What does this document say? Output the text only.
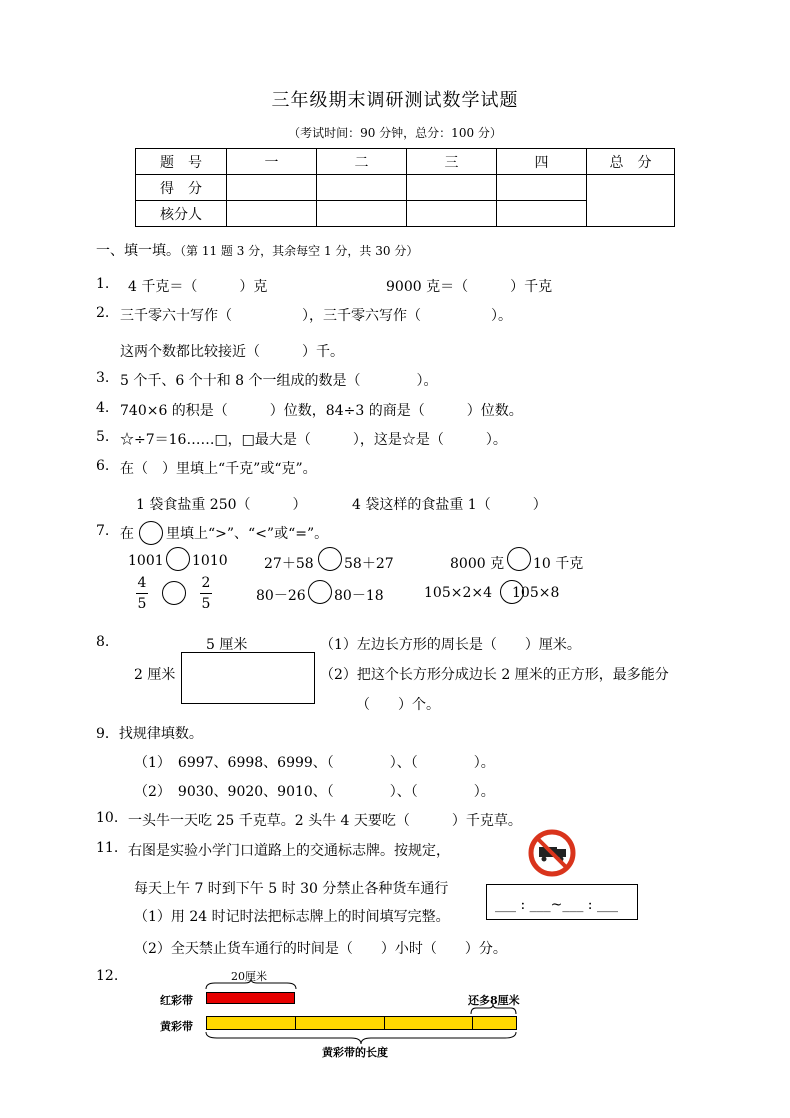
三年级期末调研测试数学试题
（考试时间：90 分钟，总分：100 分）
题　号	一	二	三	四	总　分
得　分					
核分人					
一、填一填。（第 11 题 3 分，其余每空 1 分，共 30 分）
1. 4 千克＝（　　　）克	9000 克＝（　　　）千克
2. 三千零六十写作（　　　　　），三千零六写作（　　　　　）。
这两个数都比较接近（　　　）千。
3. 5 个千、6 个十和 8 个一组成的数是（　　　　）。
4. 740×6 的积是（　　　）位数，84÷3 的商是（　　　）位数。
5. ☆÷7＝16……□，□最大是（　　　），这是☆是（　　　）。
6. 在（　）里填上“千克”或“克”。
1 袋食盐重 250（　　　）	4 袋这样的食盐重 1（　　　）
7. 在 里填上“>”、“<”或“=”。
1001 1010	27＋58 58＋27	8000 克 10 千克
4
5
2
5	80－26 80－18	105×2×4 105×8
8.	5 厘米
2 厘米
（1）左边长方形的周长是（　　）厘米。
（2）把这个长方形分成边长 2 厘米的正方形，最多能分
（　　）个。
9．找规律填数。
（1）　6997、6998、6999、（　　　　）、（　　　　）。
（2）　9030、9020、9010、（　　　　）、（　　　　）。
10. 一头牛一天吃 25 千克草。2 头牛 4 天要吃（　　　）千克草。
11. 右图是实验小学门口道路上的交通标志牌。按规定，
每天上午 7 时到下午 5 时 30 分禁止各种货车通行
___ : ___~___ : ___
（1）用 24 时记时法把标志牌上的时间填写完整。
（2）全天禁止货车通行的时间是（　　）小时（　　）分。
12.	20厘米
红彩带	还多8厘米
黄彩带
黄彩带的长度
